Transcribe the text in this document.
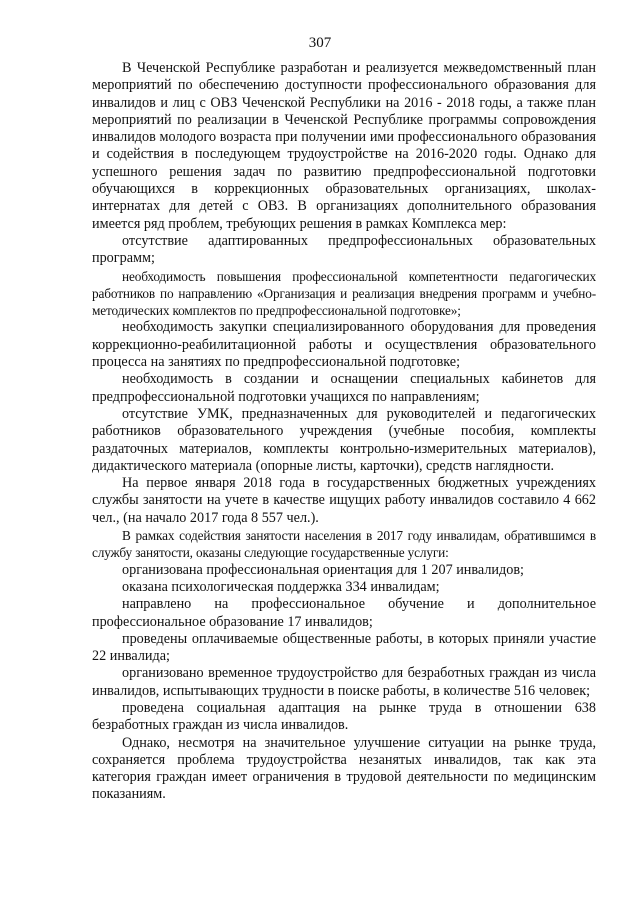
307

В Чеченской Республике разработан и реализуется межведомственный план мероприятий по обеспечению доступности профессионального образования для инвалидов и лиц с ОВЗ Чеченской Республики на 2016 - 2018 годы, а также план мероприятий по реализации в Чеченской Республике программы сопровождения инвалидов молодого возраста при получении ими профессионального образования и содействия в последующем трудоустройстве на 2016-2020 годы. Однако для успешного решения задач по развитию предпрофессиональной подготовки обучающихся в коррекционных образовательных организациях, школах-интернатах для детей с ОВЗ. В организациях дополнительного образования имеется ряд проблем, требующих решения в рамках Комплекса мер:

отсутствие адаптированных предпрофессиональных образовательных программ;

необходимость повышения профессиональной компетентности педагогических работников по направлению «Организация и реализация внедрения программ и учебно-методических комплектов по предпрофессиональной подготовке»;

необходимость закупки специализированного оборудования для проведения коррекционно-реабилитационной работы и осуществления образовательного процесса на занятиях по предпрофессиональной подготовке;

необходимость в создании и оснащении специальных кабинетов для предпрофессиональной подготовки учащихся по направлениям;

отсутствие УМК, предназначенных для руководителей и педагогических работников образовательного учреждения (учебные пособия, комплекты раздаточных материалов, комплекты контрольно-измерительных материалов), дидактического материала (опорные листы, карточки), средств наглядности.

На первое января 2018 года в государственных бюджетных учреждениях службы занятости на учете в качестве ищущих работу инвалидов составило 4 662 чел., (на начало 2017 года 8 557 чел.).

В рамках содействия занятости населения в 2017 году инвалидам, обратившимся в службу занятости, оказаны следующие государственные услуги:

организована профессиональная ориентация для 1 207 инвалидов;

оказана психологическая поддержка 334 инвалидам;

направлено на профессиональное обучение и дополнительное профессиональное образование 17 инвалидов;

проведены оплачиваемые общественные работы, в которых приняли участие 22 инвалида;

организовано временное трудоустройство для безработных граждан из числа инвалидов, испытывающих трудности в поиске работы, в количестве 516 человек;

проведена социальная адаптация на рынке труда в отношении 638 безработных граждан из числа инвалидов.

Однако, несмотря на значительное улучшение ситуации на рынке труда, сохраняется проблема трудоустройства незанятых инвалидов, так как эта категория граждан имеет ограничения в трудовой деятельности по медицинским показаниям.
